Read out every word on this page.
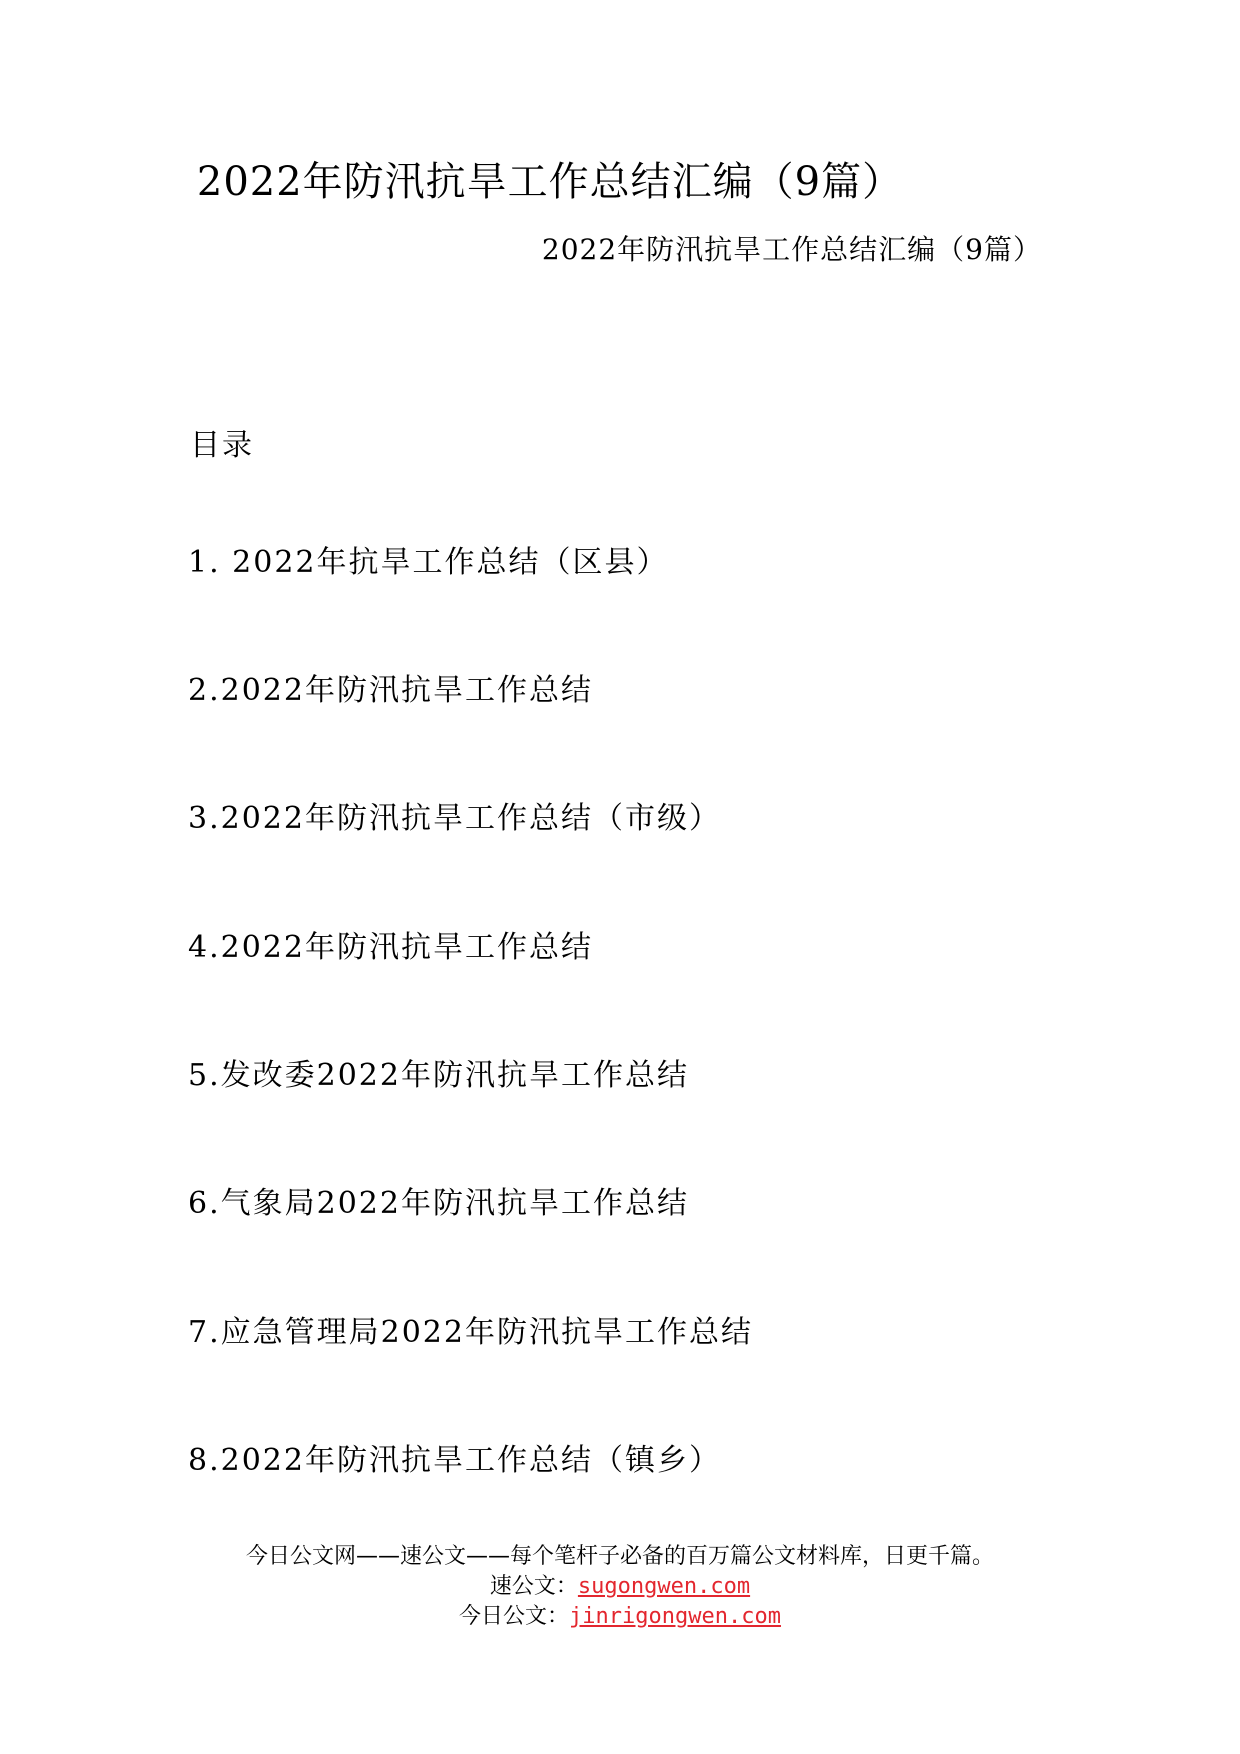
2022年防汛抗旱工作总结汇编（9篇）
2022年防汛抗旱工作总结汇编（9篇）
目录
1. 2022年抗旱工作总结（区县）
2.2022年防汛抗旱工作总结
3.2022年防汛抗旱工作总结（市级）
4.2022年防汛抗旱工作总结
5.发改委2022年防汛抗旱工作总结
6.气象局2022年防汛抗旱工作总结
7.应急管理局2022年防汛抗旱工作总结
8.2022年防汛抗旱工作总结（镇乡）
今日公文网——速公文——每个笔杆子必备的百万篇公文材料库，日更千篇。
速公文：sugongwen.com
今日公文：jinrigongwen.com
